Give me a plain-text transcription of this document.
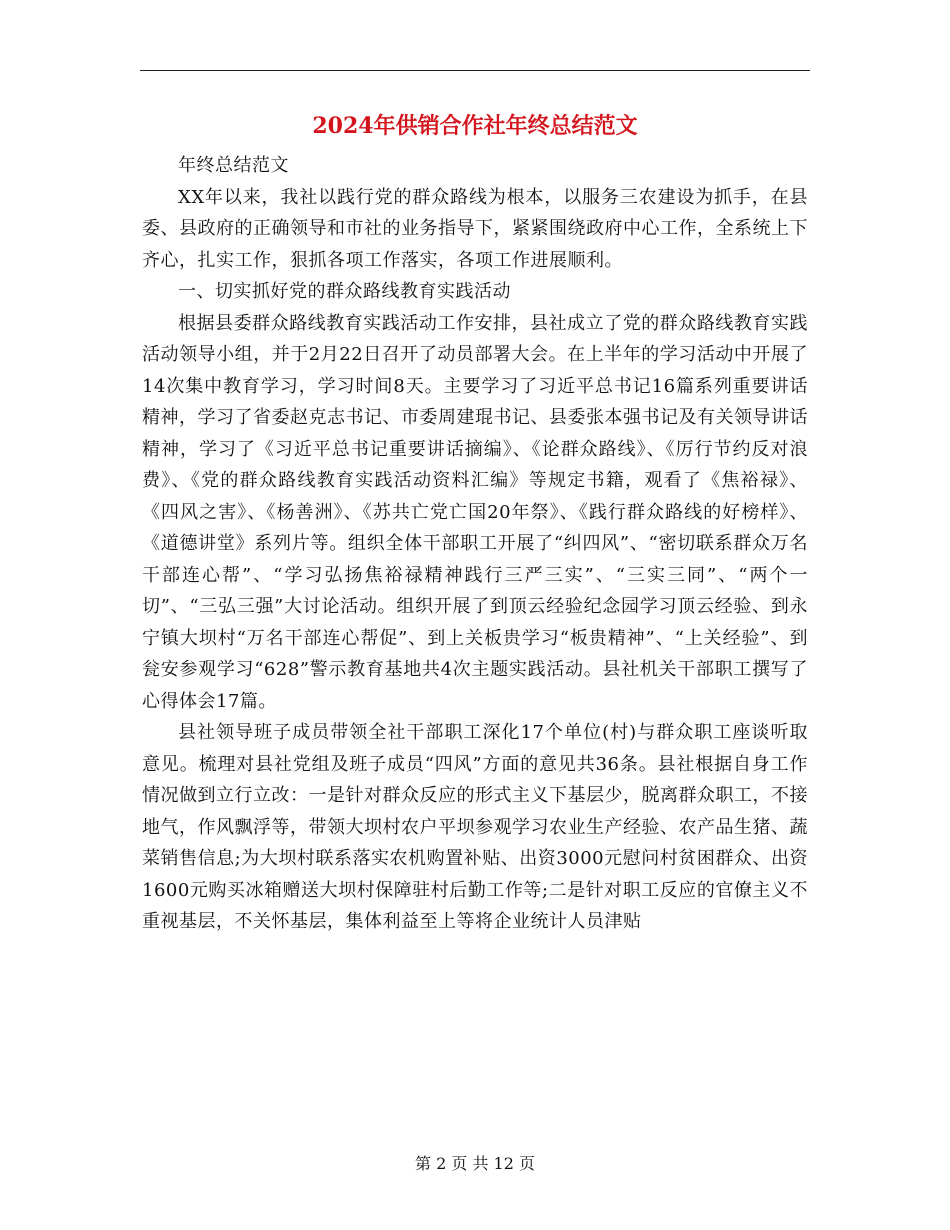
2024年供销合作社年终总结范文

年终总结范文

XX年以来，我社以践行党的群众路线为根本，以服务三农建设为抓手，在县委、县政府的正确领导和市社的业务指导下，紧紧围绕政府中心工作，全系统上下齐心，扎实工作，狠抓各项工作落实，各项工作进展顺利。

一、切实抓好党的群众路线教育实践活动

根据县委群众路线教育实践活动工作安排，县社成立了党的群众路线教育实践活动领导小组，并于2月22日召开了动员部署大会。在上半年的学习活动中开展了14次集中教育学习，学习时间8天。主要学习了习近平总书记16篇系列重要讲话精神，学习了省委赵克志书记、市委周建琨书记、县委张本强书记及有关领导讲话精神，学习了《习近平总书记重要讲话摘编》、《论群众路线》、《厉行节约反对浪费》、《党的群众路线教育实践活动资料汇编》等规定书籍，观看了《焦裕禄》、《四风之害》、《杨善洲》、《苏共亡党亡国20年祭》、《践行群众路线的好榜样》、《道德讲堂》系列片等。组织全体干部职工开展了“纠四风”、“密切联系群众万名干部连心帮”、“学习弘扬焦裕禄精神践行三严三实”、“三实三同”、“两个一切”、“三弘三强”大讨论活动。组织开展了到顶云经验纪念园学习顶云经验、到永宁镇大坝村“万名干部连心帮促”、到上关板贵学习“板贵精神”、“上关经验”、到瓮安参观学习“628”警示教育基地共4次主题实践活动。县社机关干部职工撰写了心得体会17篇。

县社领导班子成员带领全社干部职工深化17个单位(村)与群众职工座谈听取意见。梳理对县社党组及班子成员“四风”方面的意见共36条。县社根据自身工作情况做到立行立改：一是针对群众反应的形式主义下基层少，脱离群众职工，不接地气，作风飘浮等，带领大坝村农户平坝参观学习农业生产经验、农产品生猪、蔬菜销售信息;为大坝村联系落实农机购置补贴、出资3000元慰问村贫困群众、出资1600元购买冰箱赠送大坝村保障驻村后勤工作等;二是针对职工反应的官僚主义不重视基层，不关怀基层，集体利益至上等将企业统计人员津贴

第 2 页 共 12 页
